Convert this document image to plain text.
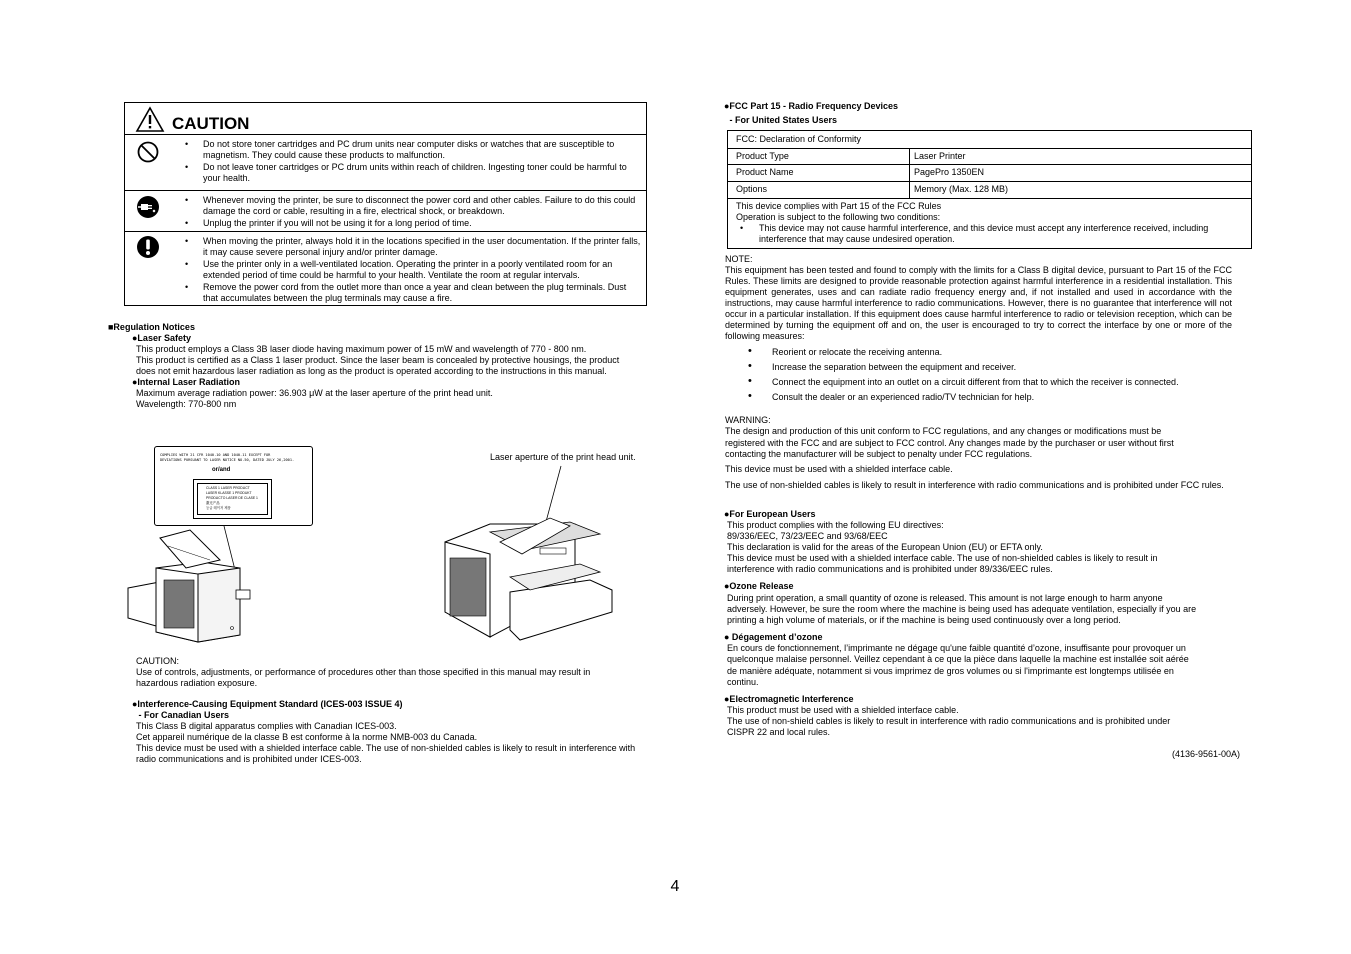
CAUTION
• Do not store toner cartridges and PC drum units near computer disks or watches that are susceptible to magnetism. They could cause these products to malfunction.
• Do not leave toner cartridges or PC drum units within reach of children. Ingesting toner could be harmful to your health.
• Whenever moving the printer, be sure to disconnect the power cord and other cables. Failure to do this could damage the cord or cable, resulting in a fire, electrical shock, or breakdown.
• Unplug the printer if you will not be using it for a long period of time.
• When moving the printer, always hold it in the locations specified in the user documentation. If the printer falls, it may cause severe personal injury and/or printer damage.
• Use the printer only in a well-ventilated location. Operating the printer in a poorly ventilated room for an extended period of time could be harmful to your health. Ventilate the room at regular intervals.
• Remove the power cord from the outlet more than once a year and clean between the plug terminals. Dust that accumulates between the plug terminals may cause a fire.
■Regulation Notices
●Laser Safety

This product employs a Class 3B laser diode having maximum power of 15 mW and wavelength of 770 - 800 nm.

This product is certified as a Class 1 laser product. Since the laser beam is concealed by protective housings, the product

does not emit hazardous laser radiation as long as the product is operated according to the instructions in this manual.

●Internal Laser Radiation

Maximum average radiation power: 36.903 μW at the laser aperture of the print head unit.

Wavelength: 770-800 nm

COMPLIES WITH 21 CFR 1040.10 AND 1040.11 EXCEPT FOR

DEVIATIONS PURSUANT TO LASER NOTICE NO.50, DATED JULY 26,2001.

or/and

CLASS 1 LASER PRODUCT

LASER KLASSE 1 PRODUKT

PRODUCTO LASER DE CLASE 1

激光产品

등급 레이저 제품

Laser aperture of the print head unit.
CAUTION:

Use of controls, adjustments, or performance of procedures other than those specified in this manual may result in

hazardous radiation exposure.

●Interference-Causing Equipment Standard (ICES-003 ISSUE 4)
- For Canadian Users

This Class B digital apparatus complies with Canadian ICES-003.

Cet appareil numérique de la classe B est conforme à la norme NMB-003 du Canada.

This device must be used with a shielded interface cable. The use of non-shielded cables is likely to result in interference with

radio communications and is prohibited under ICES-003.

●FCC Part 15 - Radio Frequency Devices
- For United States Users
FCC: Declaration of Conformity
Product Type	Laser Printer
Product Name	PagePro 1350EN
Options	Memory (Max. 128 MB)

This device complies with Part 15 of the FCC Rules

Operation is subject to the following two conditions:

• This device may not cause harmful interference, and this device must accept any interference received, including interference that may cause undesired operation.
NOTE:
This equipment has been tested and found to comply with the limits for a Class B digital device, pursuant to Part 15 of the FCC Rules. These limits are designed to provide reasonable protection against harmful interference in a residential installation. This equipment generates, uses and can radiate radio frequency energy and, if not installed and used in accordance with the instructions, may cause harmful interference to radio communications. However, there is no guarantee that interference will not occur in a particular installation. If this equipment does cause harmful interference to radio or television reception, which can be determined by turning the equipment off and on, the user is encouraged to try to correct the interface by one or more of the following measures:
• Reorient or relocate the receiving antenna.
• Increase the separation between the equipment and receiver.
• Connect the equipment into an outlet on a circuit different from that to which the receiver is connected.
• Consult the dealer or an experienced radio/TV technician for help.
WARNING:

The design and production of this unit conform to FCC regulations, and any changes or modifications must be

registered with the FCC and are subject to FCC control. Any changes made by the purchaser or user without first

contacting the manufacturer will be subject to penalty under FCC regulations.

This device must be used with a shielded interface cable.
The use of non-shielded cables is likely to result in interference with radio communications and is prohibited under FCC rules.
●For European Users

This product complies with the following EU directives:

89/336/EEC, 73/23/EEC and 93/68/EEC

This declaration is valid for the areas of the European Union (EU) or EFTA only.

This device must be used with a shielded interface cable. The use of non-shielded cables is likely to result in

interference with radio communications and is prohibited under 89/336/EEC rules.

●Ozone Release

During print operation, a small quantity of ozone is released. This amount is not large enough to harm anyone

adversely. However, be sure the room where the machine is being used has adequate ventilation, especially if you are

printing a high volume of materials, or if the machine is being used continuously over a long period.

● Dégagement d’ozone

En cours de fonctionnement, l’imprimante ne dégage qu'une faible quantité d’ozone, insuffisante pour provoquer un

quelconque malaise personnel. Veillez cependant à ce que la pièce dans laquelle la machine est installée soit aérée

de manière adéquate, notamment si vous imprimez de gros volumes ou si l'imprimante est longtemps utilisée en

continu.

●Electromagnetic Interference

This product must be used with a shielded interface cable.

The use of non-shield cables is likely to result in interference with radio communications and is prohibited under

CISPR 22 and local rules.

(4136-9561-00A)
4
